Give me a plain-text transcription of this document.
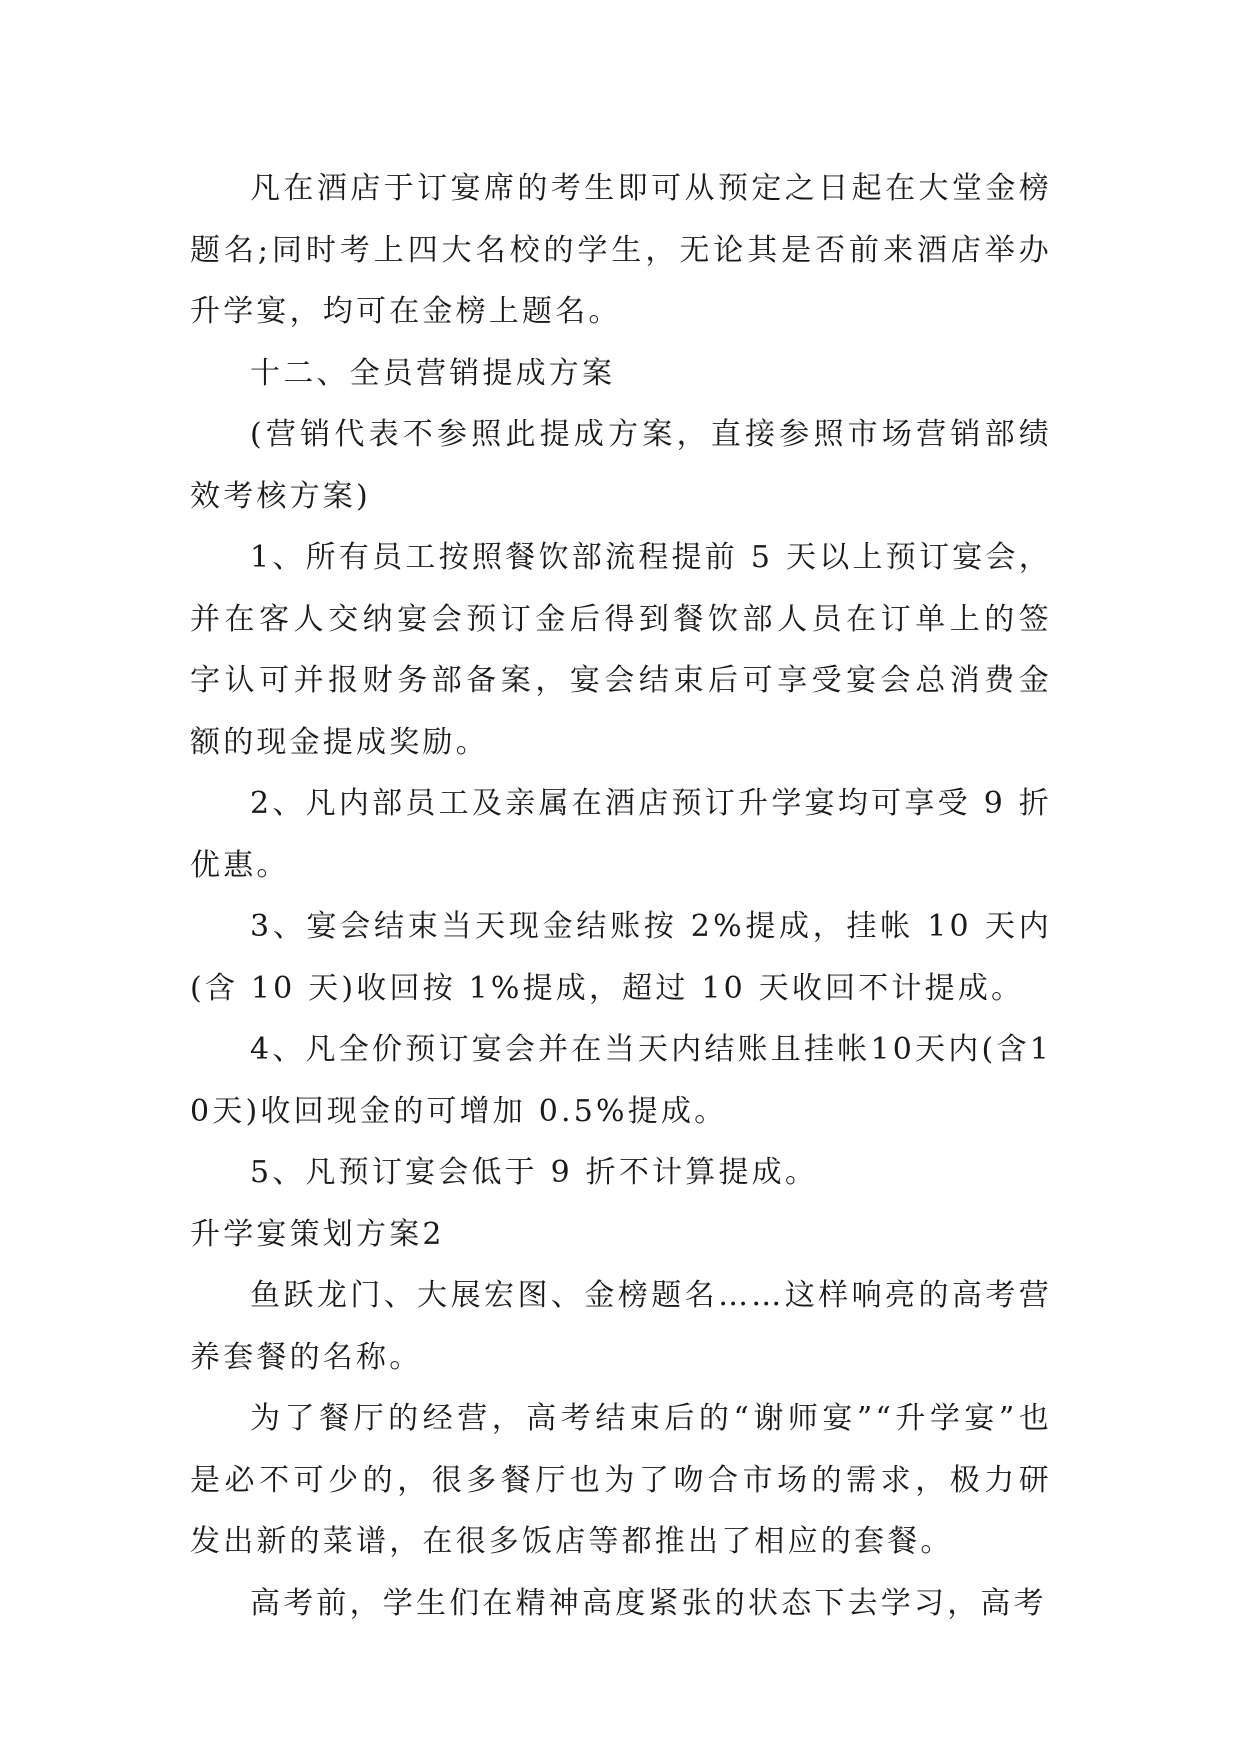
凡在酒店于订宴席的考生即可从预定之日起在大堂金榜题名;同时考上四大名校的学生，无论其是否前来酒店举办升学宴，均可在金榜上题名。

十二、全员营销提成方案

(营销代表不参照此提成方案，直接参照市场营销部绩效考核方案)

1、所有员工按照餐饮部流程提前 5 天以上预订宴会，并在客人交纳宴会预订金后得到餐饮部人员在订单上的签字认可并报财务部备案，宴会结束后可享受宴会总消费金额的现金提成奖励。

2、凡内部员工及亲属在酒店预订升学宴均可享受 9 折优惠。

3、宴会结束当天现金结账按 2%提成，挂帐 10 天内(含 10 天)收回按 1%提成，超过 10 天收回不计提成。

4、凡全价预订宴会并在当天内结账且挂帐10天内(含10天)收回现金的可增加 0.5%提成。

5、凡预订宴会低于 9 折不计算提成。

升学宴策划方案2

鱼跃龙门、大展宏图、金榜题名……这样响亮的高考营养套餐的名称。

为了餐厅的经营，高考结束后的“谢师宴”“升学宴”也是必不可少的，很多餐厅也为了吻合市场的需求，极力研发出新的菜谱，在很多饭店等都推出了相应的套餐。

高考前，学生们在精神高度紧张的状态下去学习，高考
